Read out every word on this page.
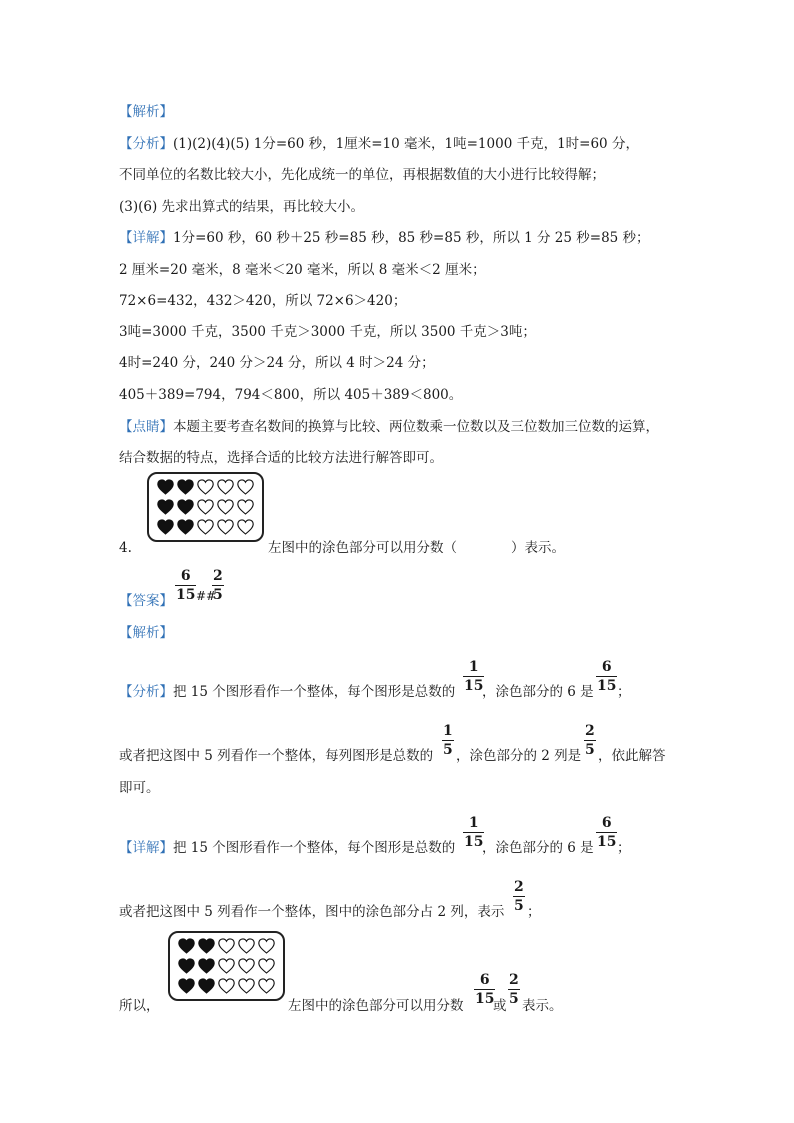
【解析】
【分析】(1)(2)(4)(5) 1分=60 秒，1厘米=10 毫米，1吨=1000 千克，1时=60 分，
不同单位的名数比较大小，先化成统一的单位，再根据数值的大小进行比较得解；
(3)(6) 先求出算式的结果，再比较大小。
【详解】1分=60 秒，60 秒＋25 秒=85 秒，85 秒=85 秒，所以 1 分 25 秒=85 秒；
2 厘米=20 毫米，8 毫米＜20 毫米，所以 8 毫米＜2 厘米；
72×6=432，432＞420，所以 72×6＞420；
3吨=3000 千克，3500 千克＞3000 千克，所以 3500 千克＞3吨；
4时=240 分，240 分＞24 分，所以 4 时＞24 分；
405＋389=794，794＜800，所以 405＋389＜800。
【点睛】本题主要考查名数间的换算与比较、两位数乘一位数以及三位数加三位数的运算，
结合数据的特点，选择合适的比较方法进行解答即可。
4.	左图中的涂色部分可以用分数（　　　　）表示。
【答案】 $\frac{6}{15}$ ##
$\frac{2}{5}$
【解析】
【分析】把 15 个图形看作一个整体，每个图形是总数的 $\frac{1}{15}$
，涂色部分的 6 是 $\frac{6}{15}$ ；
或者把这图中 5 列看作一个整体，每列图形是总数的 $\frac{1}{5}$ ，涂色部分的 2 列是 $\frac{2}{5}$ ，依此解答
即可。
【详解】把 15 个图形看作一个整体，每个图形是总数的 $\frac{1}{15}$
，涂色部分的 6 是 $\frac{6}{15}$ ；
或者把这图中 5 列看作一个整体，图中的涂色部分占 2 列，表示 $\frac{2}{5}$ ；
所以，	左图中的涂色部分可以用分数 $\frac{6}{15}$
或 $\frac{2}{5}$ 表示。
